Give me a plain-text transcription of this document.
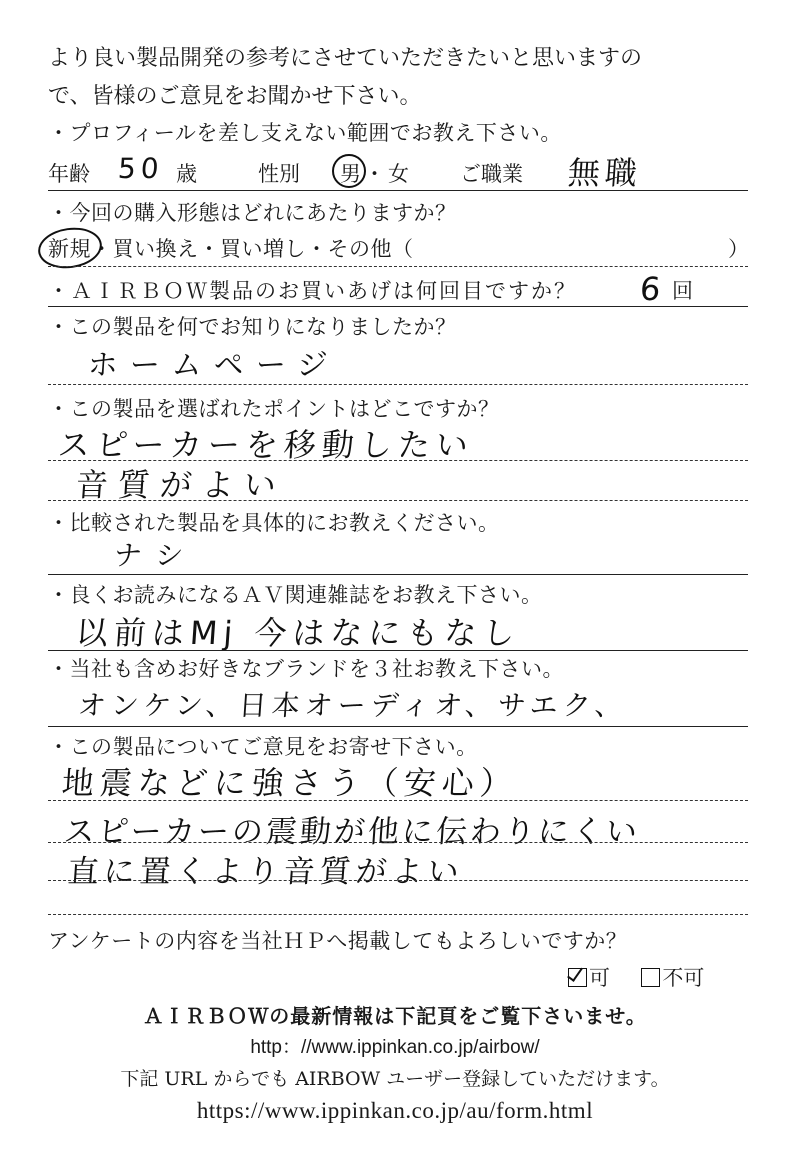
より良い製品開発の参考にさせていただきたいと思いますの
で、皆様のご意見をお聞かせ下さい。
・プロフィールを差し支えない範囲でお教え下さい。
年齢 50 歳	性別 男 ・ 女 ご職業 無職
・今回の購入形態はどれにあたりますか？
新規・買い換え・買い増し・その他（	）
・ＡＩＲＢＯＷ製品のお買いあげは何回目ですか？ 6 回
・この製品を何でお知りになりましたか？
ホームページ
・この製品を選ばれたポイントはどこですか？
スピーカーを移動したい
音質がよい
・比較された製品を具体的にお教えください。
ナシ
・良くお読みになるＡＶ関連雑誌をお教え下さい。
以前はMj 今はなにもなし
・当社も含めお好きなブランドを３社お教え下さい。
オンケン、日本オーディオ、サエク、
・この製品についてご意見をお寄せ下さい。
地震などに強さう（安心）
スピーカーの震動が他に伝わりにくい
直に置くより音質がよい
アンケートの内容を当社ＨＰへ掲載してもよろしいですか？
可 不可
ＡＩＲＢＯＷの最新情報は下記頁をご覧下さいませ。
http：//www.ippinkan.co.jp/airbow/
下記 URL からでも AIRBOW ユーザー登録していただけます。
https://www.ippinkan.co.jp/au/form.html
